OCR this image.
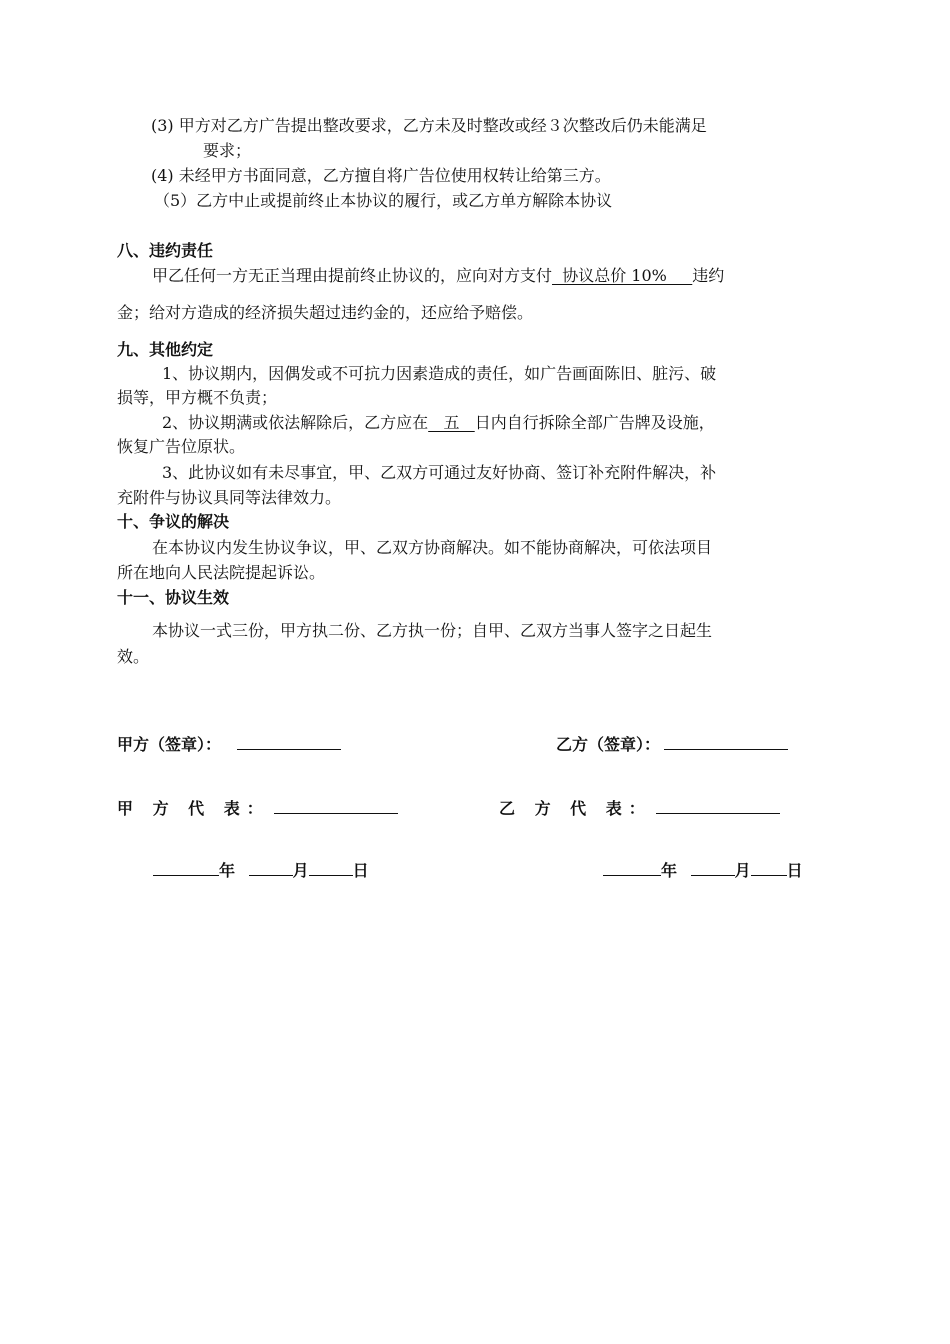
(3) 甲方对乙方广告提出整改要求，乙方未及时整改或经３次整改后仍未能满足
要求；
(4) 未经甲方书面同意，乙方擅自将广告位使用权转让给第三方。
（5）乙方中止或提前终止本协议的履行，或乙方单方解除本协议
八、违约责任
甲乙任何一方无正当理由提前终止协议的，应向对方支付  协议总价 10%     违约
金；给对方造成的经济损失超过违约金的，还应给予赔偿。
九、其他约定
1、协议期内，因偶发或不可抗力因素造成的责任，如广告画面陈旧、脏污、破
损等，甲方概不负责；
2、协议期满或依法解除后，乙方应在   五   日内自行拆除全部广告牌及设施，
恢复广告位原状。
3、此协议如有未尽事宜，甲、乙双方可通过友好协商、签订补充附件解决，补
充附件与协议具同等法律效力。
十、争议的解决
在本协议内发生协议争议，甲、乙双方协商解决。如不能协商解决，可依法项目
所在地向人民法院提起诉讼。
十一、协议生效
本协议一式三份，甲方执二份、乙方执一份；自甲、乙双方当事人签字之日起生
效。
甲方（签章）：	乙方（签章）：
甲 方 代 表：	乙 方 代 表：
年	月	日	年	月 日
